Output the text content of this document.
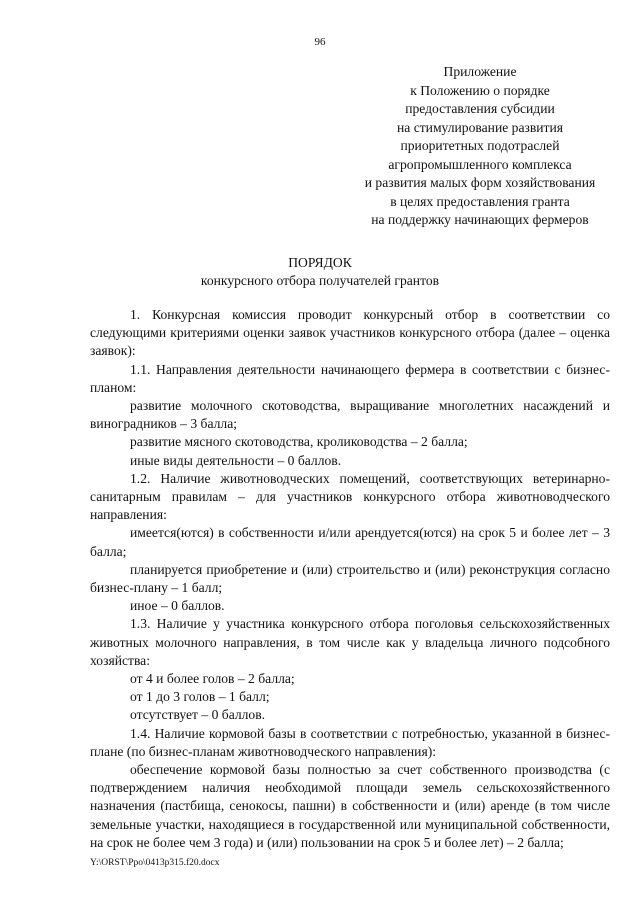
96
Приложение
к Положению о порядке
предоставления субсидии
на стимулирование развития
приоритетных подотраслей
агропромышленного комплекса
и развития малых форм хозяйствования
в целях предоставления гранта
на поддержку начинающих фермеров
ПОРЯДОК
конкурсного отбора получателей грантов

1. Конкурсная комиссия проводит конкурсный отбор в соответствии со следующими критериями оценки заявок участников конкурсного отбора (далее – оценка заявок):

1.1. Направления деятельности начинающего фермера в соответствии с бизнес-планом:

развитие молочного скотоводства, выращивание многолетних насаждений и виноградников – 3 балла;

развитие мясного скотоводства, кролиководства – 2 балла;

иные виды деятельности – 0 баллов.

1.2. Наличие животноводческих помещений, соответствующих ветеринарно-санитарным правилам – для участников конкурсного отбора животноводческого направления:

имеется(ются) в собственности и/или арендуется(ются) на срок 5 и более лет – 3 балла;

планируется приобретение и (или) строительство и (или) реконструкция согласно бизнес-плану – 1 балл;

иное – 0 баллов.

1.3. Наличие у участника конкурсного отбора поголовья сельскохозяйственных животных молочного направления, в том числе как у владельца личного подсобного хозяйства:

от 4 и более голов – 2 балла;

от 1 до 3 голов – 1 балл;

отсутствует – 0 баллов.

1.4. Наличие кормовой базы в соответствии с потребностью, указанной в бизнес-плане (по бизнес-планам животноводческого направления):

обеспечение кормовой базы полностью за счет собственного производства (с подтверждением наличия необходимой площади земель сельскохозяйственного назначения (пастбища, сенокосы, пашни) в собственности и (или) аренде (в том числе земельные участки, находящиеся в государственной или муниципальной собственности, на срок не более чем 3 года) и (или) пользовании на срок 5 и более лет) – 2 балла;

Y:\ORST\Ppo\0413p315.f20.docx
